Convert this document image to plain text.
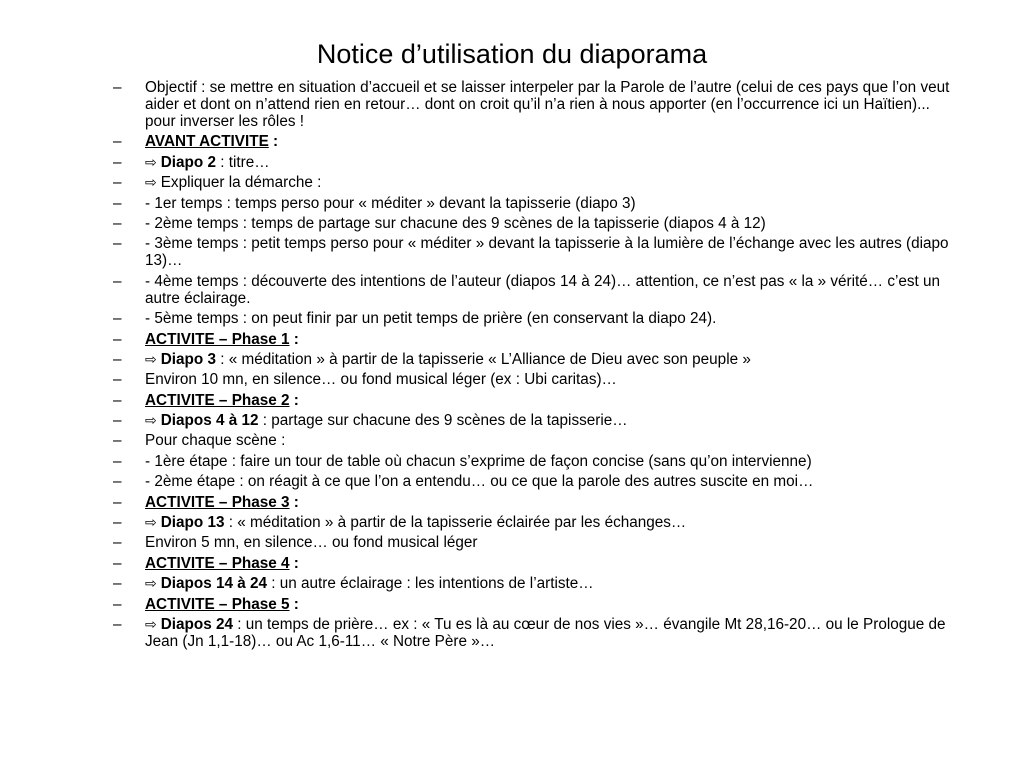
Notice d’utilisation du diaporama
– Objectif : se mettre en situation d’accueil et se laisser interpeler par la Parole de l’autre (celui de ces pays que l’on veut aider et dont on n’attend rien en retour… dont on croit qu’il n’a rien à nous apporter (en l’occurrence ici un Haïtien)... pour inverser les rôles !
– AVANT ACTIVITE :
– ⇨ Diapo 2 : titre…
– ⇨ Expliquer la démarche :
– - 1er temps : temps perso pour « méditer » devant la tapisserie (diapo 3)
– - 2ème temps : temps de partage sur chacune des 9 scènes de la tapisserie (diapos 4 à 12)
– - 3ème temps : petit temps perso pour « méditer » devant la tapisserie à la lumière de l’échange avec les autres (diapo 13)…
– - 4ème temps : découverte des intentions de l’auteur (diapos 14 à 24)… attention, ce n’est pas « la » vérité… c’est un autre éclairage.
– - 5ème temps : on peut finir par un petit temps de prière (en conservant la diapo 24).
– ACTIVITE – Phase 1 :
– ⇨ Diapo 3 : « méditation » à partir de la tapisserie « L’Alliance de Dieu avec son peuple »
– Environ 10 mn, en silence… ou fond musical léger (ex : Ubi caritas)…
– ACTIVITE – Phase 2 :
– ⇨ Diapos 4 à 12 : partage sur chacune des 9 scènes de la tapisserie…
– Pour chaque scène :
– - 1ère étape : faire un tour de table où chacun s’exprime de façon concise (sans qu’on intervienne)
– - 2ème étape : on réagit à ce que l’on a entendu… ou ce que la parole des autres suscite en moi…
– ACTIVITE – Phase 3 :
– ⇨ Diapo 13 : « méditation » à partir de la tapisserie éclairée par les échanges…
– Environ 5 mn, en silence… ou fond musical léger
– ACTIVITE – Phase 4 :
– ⇨ Diapos 14 à 24 : un autre éclairage : les intentions de l’artiste…
– ACTIVITE – Phase 5 :
– ⇨ Diapos 24 : un temps de prière… ex : « Tu es là au cœur de nos vies »… évangile Mt 28,16-20… ou le Prologue de Jean (Jn 1,1-18)… ou Ac 1,6-11… « Notre Père »…
